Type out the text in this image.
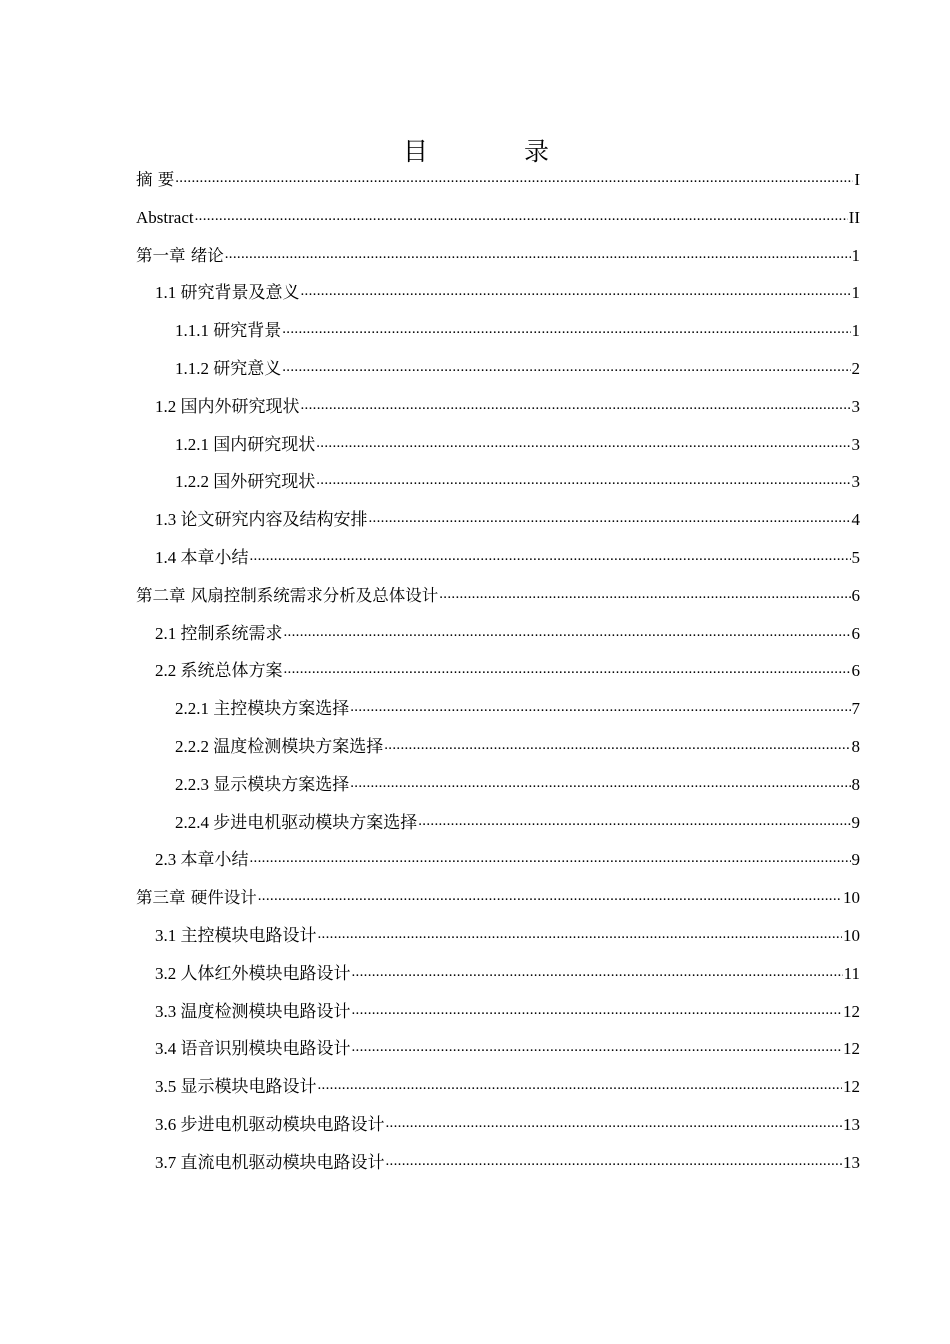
目 录
摘 要 .....	I
Abstract .....	II
第一章 绪论 .....	1
1.1 研究背景及意义 .....	1
1.1.1 研究背景 .....	1
1.1.2 研究意义 .....	2
1.2 国内外研究现状 .....	3
1.2.1 国内研究现状 .....	3
1.2.2 国外研究现状 .....	3
1.3 论文研究内容及结构安排 .....	4
1.4 本章小结 .....	5
第二章 风扇控制系统需求分析及总体设计 .....	6
2.1 控制系统需求 .....	6
2.2 系统总体方案 .....	6
2.2.1 主控模块方案选择 .....	7
2.2.2 温度检测模块方案选择 .....	8
2.2.3 显示模块方案选择 .....	8
2.2.4 步进电机驱动模块方案选择 .....	9
2.3 本章小结 .....	9
第三章 硬件设计 .....	10
3.1 主控模块电路设计 .....	10
3.2 人体红外模块电路设计 .....	11
3.3 温度检测模块电路设计 .....	12
3.4 语音识别模块电路设计 .....	12
3.5 显示模块电路设计 .....	12
3.6 步进电机驱动模块电路设计 .....	13
3.7 直流电机驱动模块电路设计 .....	13
